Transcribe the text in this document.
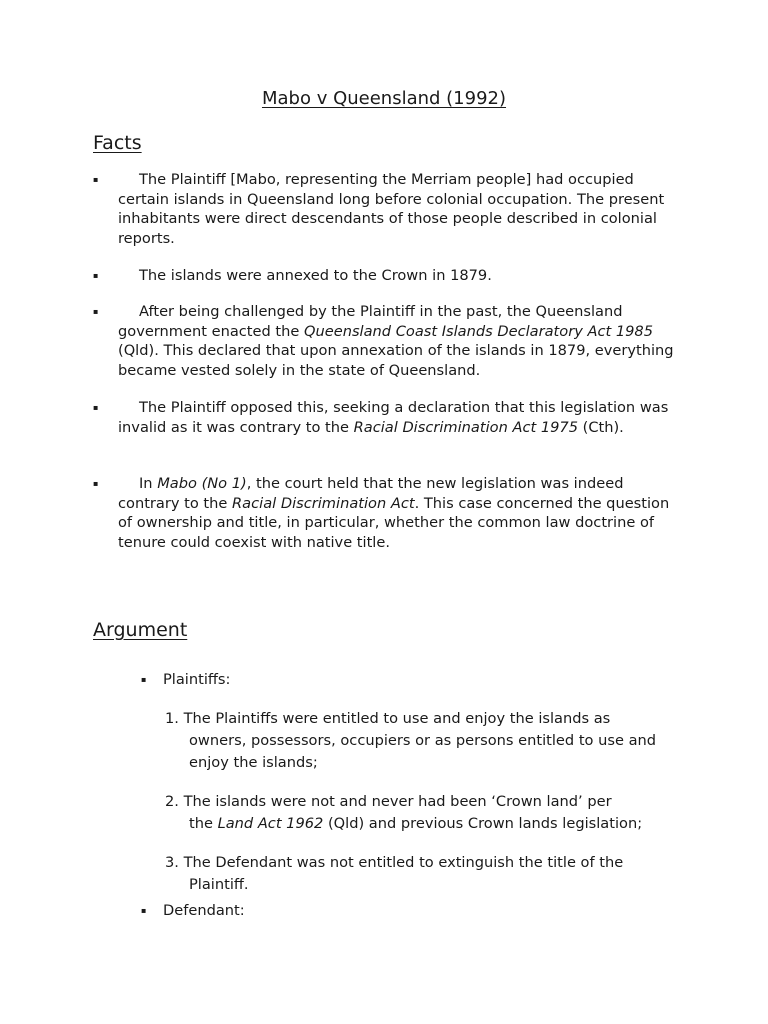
Mabo v Queensland (1992)
Facts
▪	The Plaintiff [Mabo, representing the Merriam people] had occupied certain islands in Queensland long before colonial occupation. The present inhabitants were direct descendants of those people described in colonial reports.
▪	The islands were annexed to the Crown in 1879.
▪	After being challenged by the Plaintiff in the past, the Queensland government enacted the Queensland Coast Islands Declaratory Act 1985 (Qld). This declared that upon annexation of the islands in 1879, everything became vested solely in the state of Queensland.
▪	The Plaintiff opposed this, seeking a declaration that this legislation was invalid as it was contrary to the Racial Discrimination Act 1975 (Cth).
▪	In Mabo (No 1), the court held that the new legislation was indeed contrary to the Racial Discrimination Act. This case concerned the question of ownership and title, in particular, whether the common law doctrine of tenure could coexist with native title.
Argument
▪ Plaintiffs:
1. The Plaintiffs were entitled to use and enjoy the islands as
owners, possessors, occupiers or as persons entitled to use and enjoy the islands;
2. The islands were not and never had been ‘Crown land’ per
the Land Act 1962 (Qld) and previous Crown lands legislation;
3. The Defendant was not entitled to extinguish the title of the
Plaintiff.
▪ Defendant:
